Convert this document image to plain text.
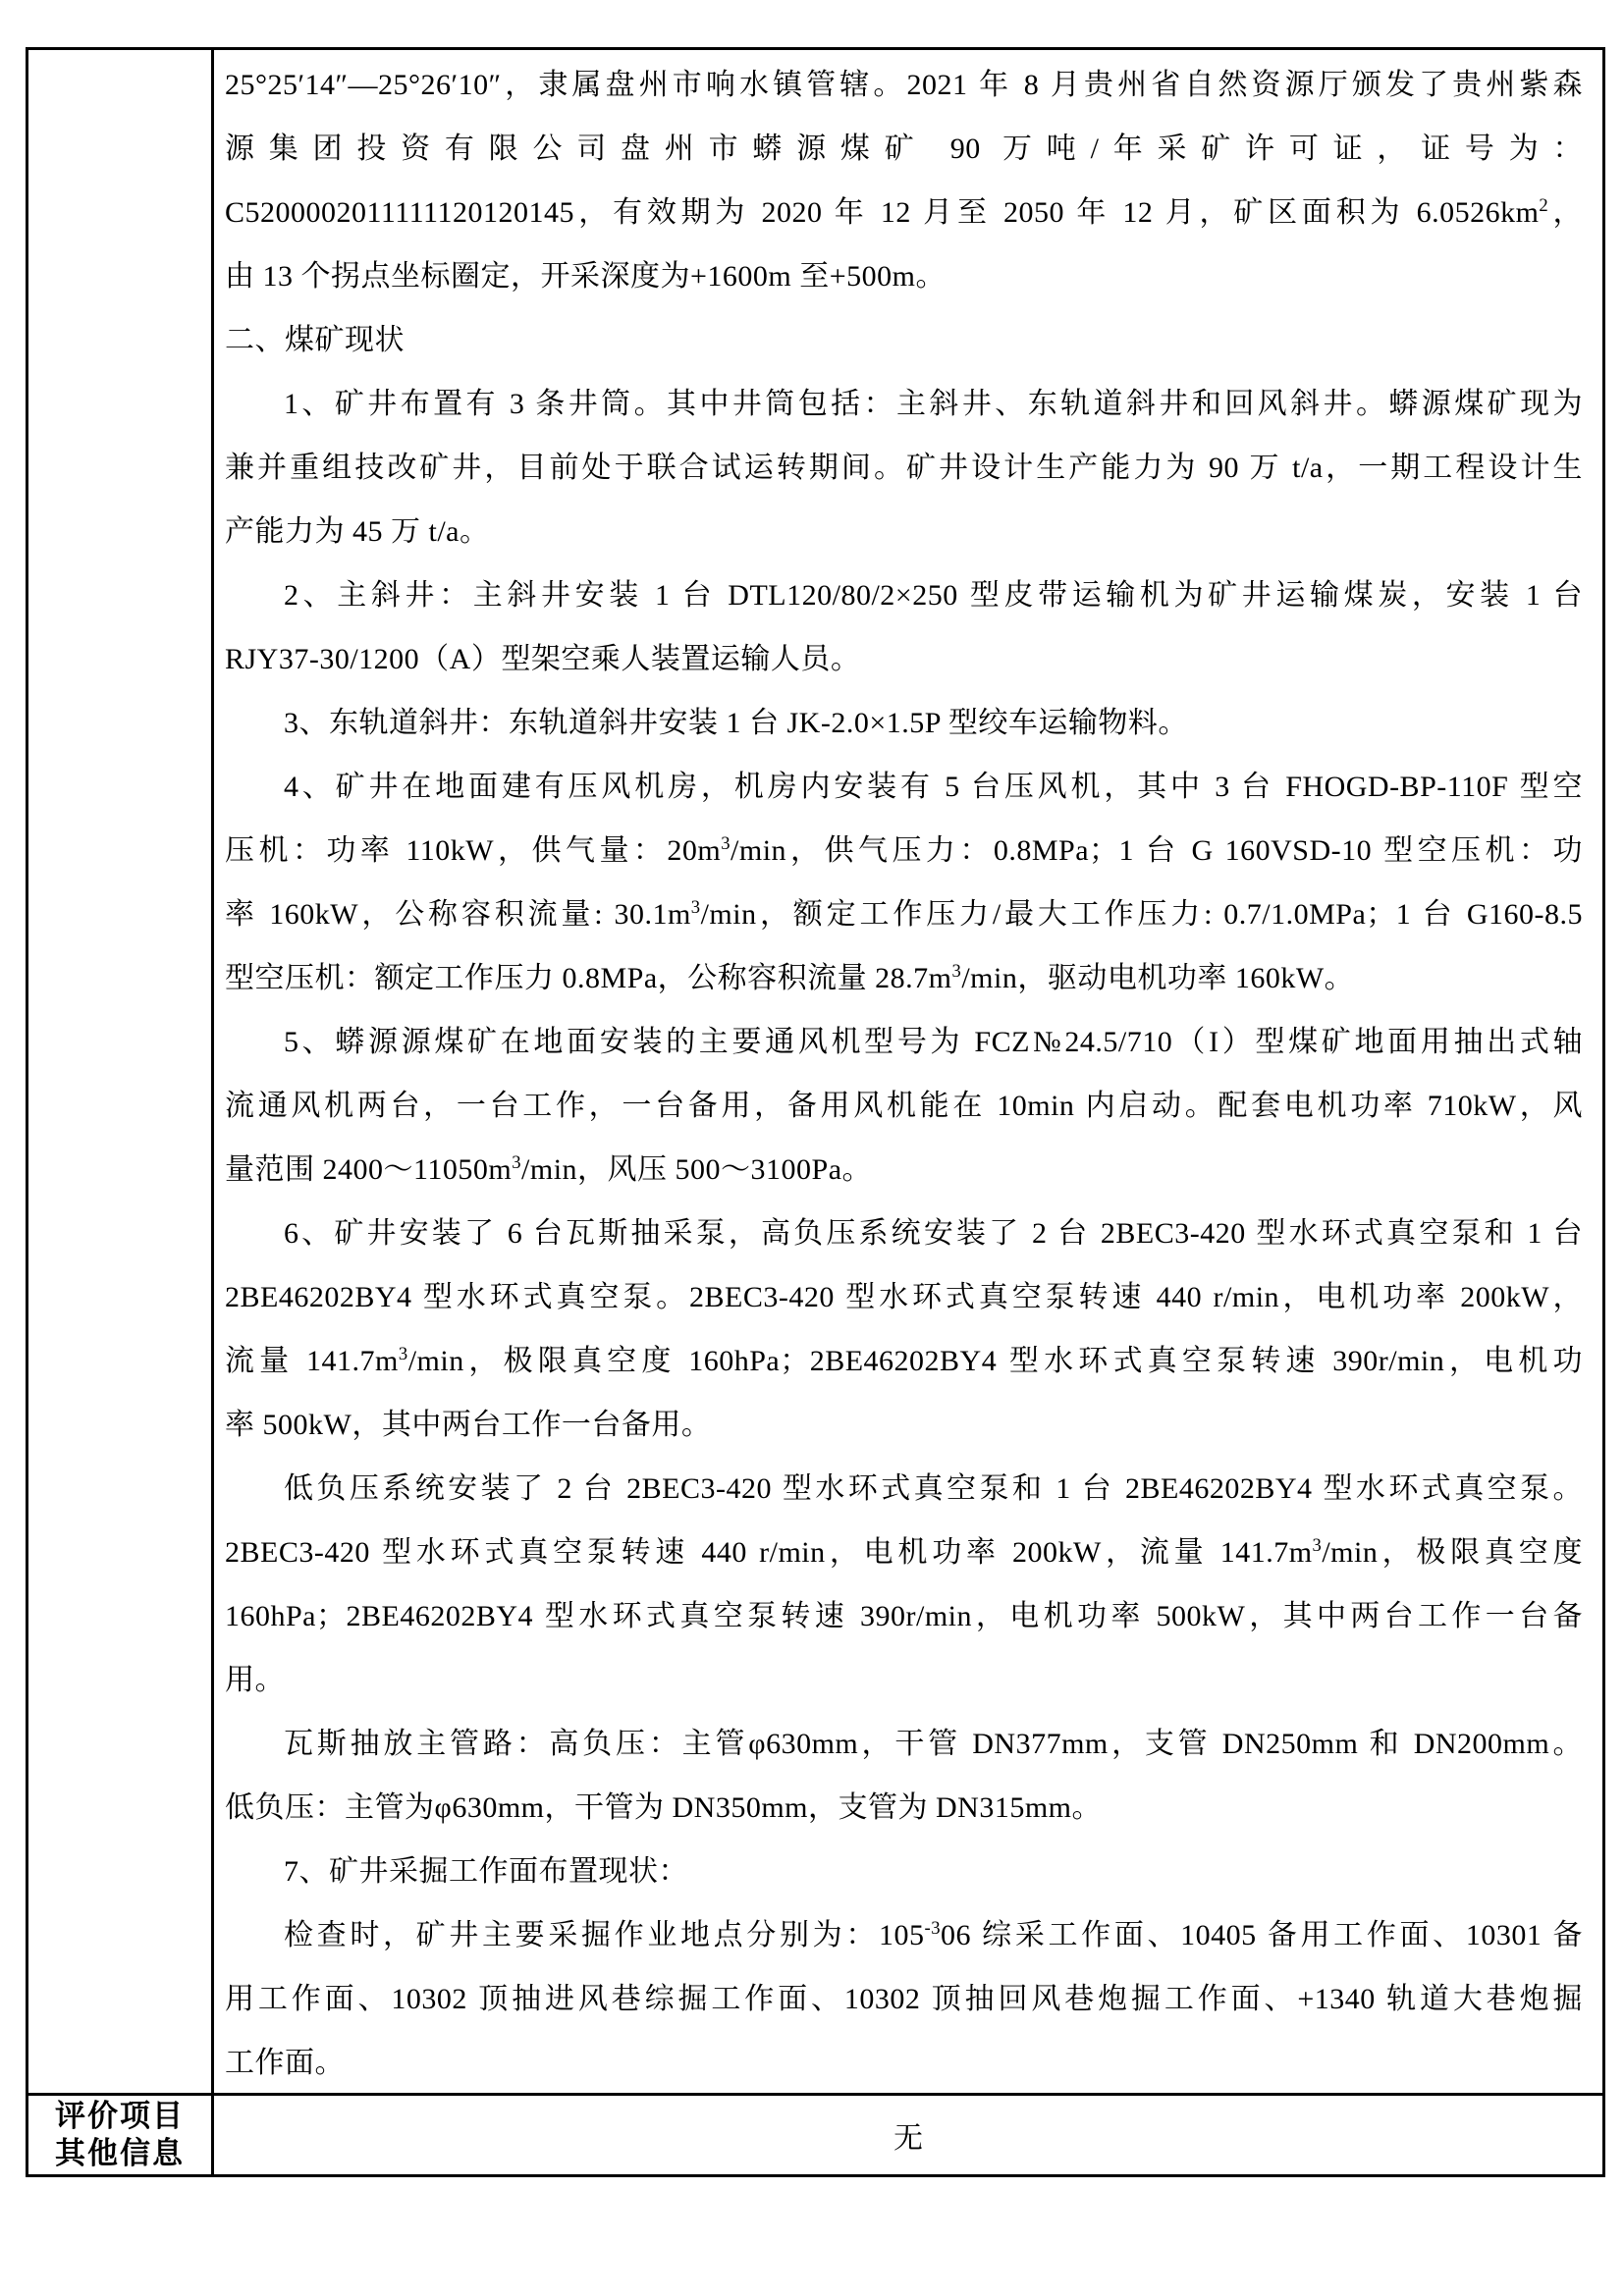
25°25′14″—25°26′10″，隶属盘州市响水镇管辖。2021 年 8 月贵州省自然资源厅颁发了贵州紫森
源集团投资有限公司盘州市蟒源煤矿 90 万吨/年采矿许可证，证号为：
C5200002011111120120145，有效期为 2020 年 12 月至 2050 年 12 月，矿区面积为 $6.0526km^2$，
由 13 个拐点坐标圈定，开采深度为+1600m 至+500m。
二、煤矿现状
1、矿井布置有 3 条井筒。其中井筒包括：主斜井、东轨道斜井和回风斜井。蟒源煤矿现为
兼并重组技改矿井，目前处于联合试运转期间。矿井设计生产能力为 90 万 t/a，一期工程设计生
产能力为 45 万 t/a。
2、主斜井：主斜井安装 1 台 DTL120/80/2×250 型皮带运输机为矿井运输煤炭，安装 1 台
RJY37-30/1200（A）型架空乘人装置运输人员。
3、东轨道斜井：东轨道斜井安装 1 台 JK-2.0×1.5P 型绞车运输物料。
4、矿井在地面建有压风机房，机房内安装有 5 台压风机，其中 3 台 FHOGD-BP-110F 型空
压机：功率 110kW，供气量：$20m^3/\min$，供气压力：0.8MPa；1 台 G 160VSD-10 型空压机：功
率 160kW，公称容积流量: $30.1m^3/\min$，额定工作压力/最大工作压力: 0.7/1.0MPa；1 台 G160-8.5
型空压机：额定工作压力 0.8MPa，公称容积流量 $28.7m^3/\min$，驱动电机功率 160kW。
5、蟒源源煤矿在地面安装的主要通风机型号为 FCZ№24.5/710（I）型煤矿地面用抽出式轴
流通风机两台，一台工作，一台备用，备用风机能在 10min 内启动。配套电机功率 710kW，风
量范围 $2400\sim 11050m^3/\min$，风压 500～3100Pa。
6、矿井安装了 6 台瓦斯抽采泵，高负压系统安装了 2 台 2BEC3-420 型水环式真空泵和 1 台
2BE46202BY4 型水环式真空泵。2BEC3-420 型水环式真空泵转速 440 r/min，电机功率 200kW，
流量 $141.7m^3/\min$，极限真空度 160hPa；2BE46202BY4 型水环式真空泵转速 390r/min，电机功
率 500kW，其中两台工作一台备用。
低负压系统安装了 2 台 2BEC3-420 型水环式真空泵和 1 台 2BE46202BY4 型水环式真空泵。
2BEC3-420 型水环式真空泵转速 440 r/min，电机功率 200kW，流量 $141.7m^3/\min$，极限真空度
160hPa；2BE46202BY4 型水环式真空泵转速 390r/min，电机功率 500kW，其中两台工作一台备
用。
瓦斯抽放主管路：高负压：主管φ630mm，干管 DN377mm，支管 DN250mm 和 DN200mm。
低负压：主管为φ630mm，干管为 DN350mm，支管为 DN315mm。
7、矿井采掘工作面布置现状：
检查时，矿井主要采掘作业地点分别为：$105^{-3}06$ 综采工作面、10405 备用工作面、10301 备
用工作面、10302 顶抽进风巷综掘工作面、10302 顶抽回风巷炮掘工作面、+1340 轨道大巷炮掘
工作面。
评价项目
其他信息	无
